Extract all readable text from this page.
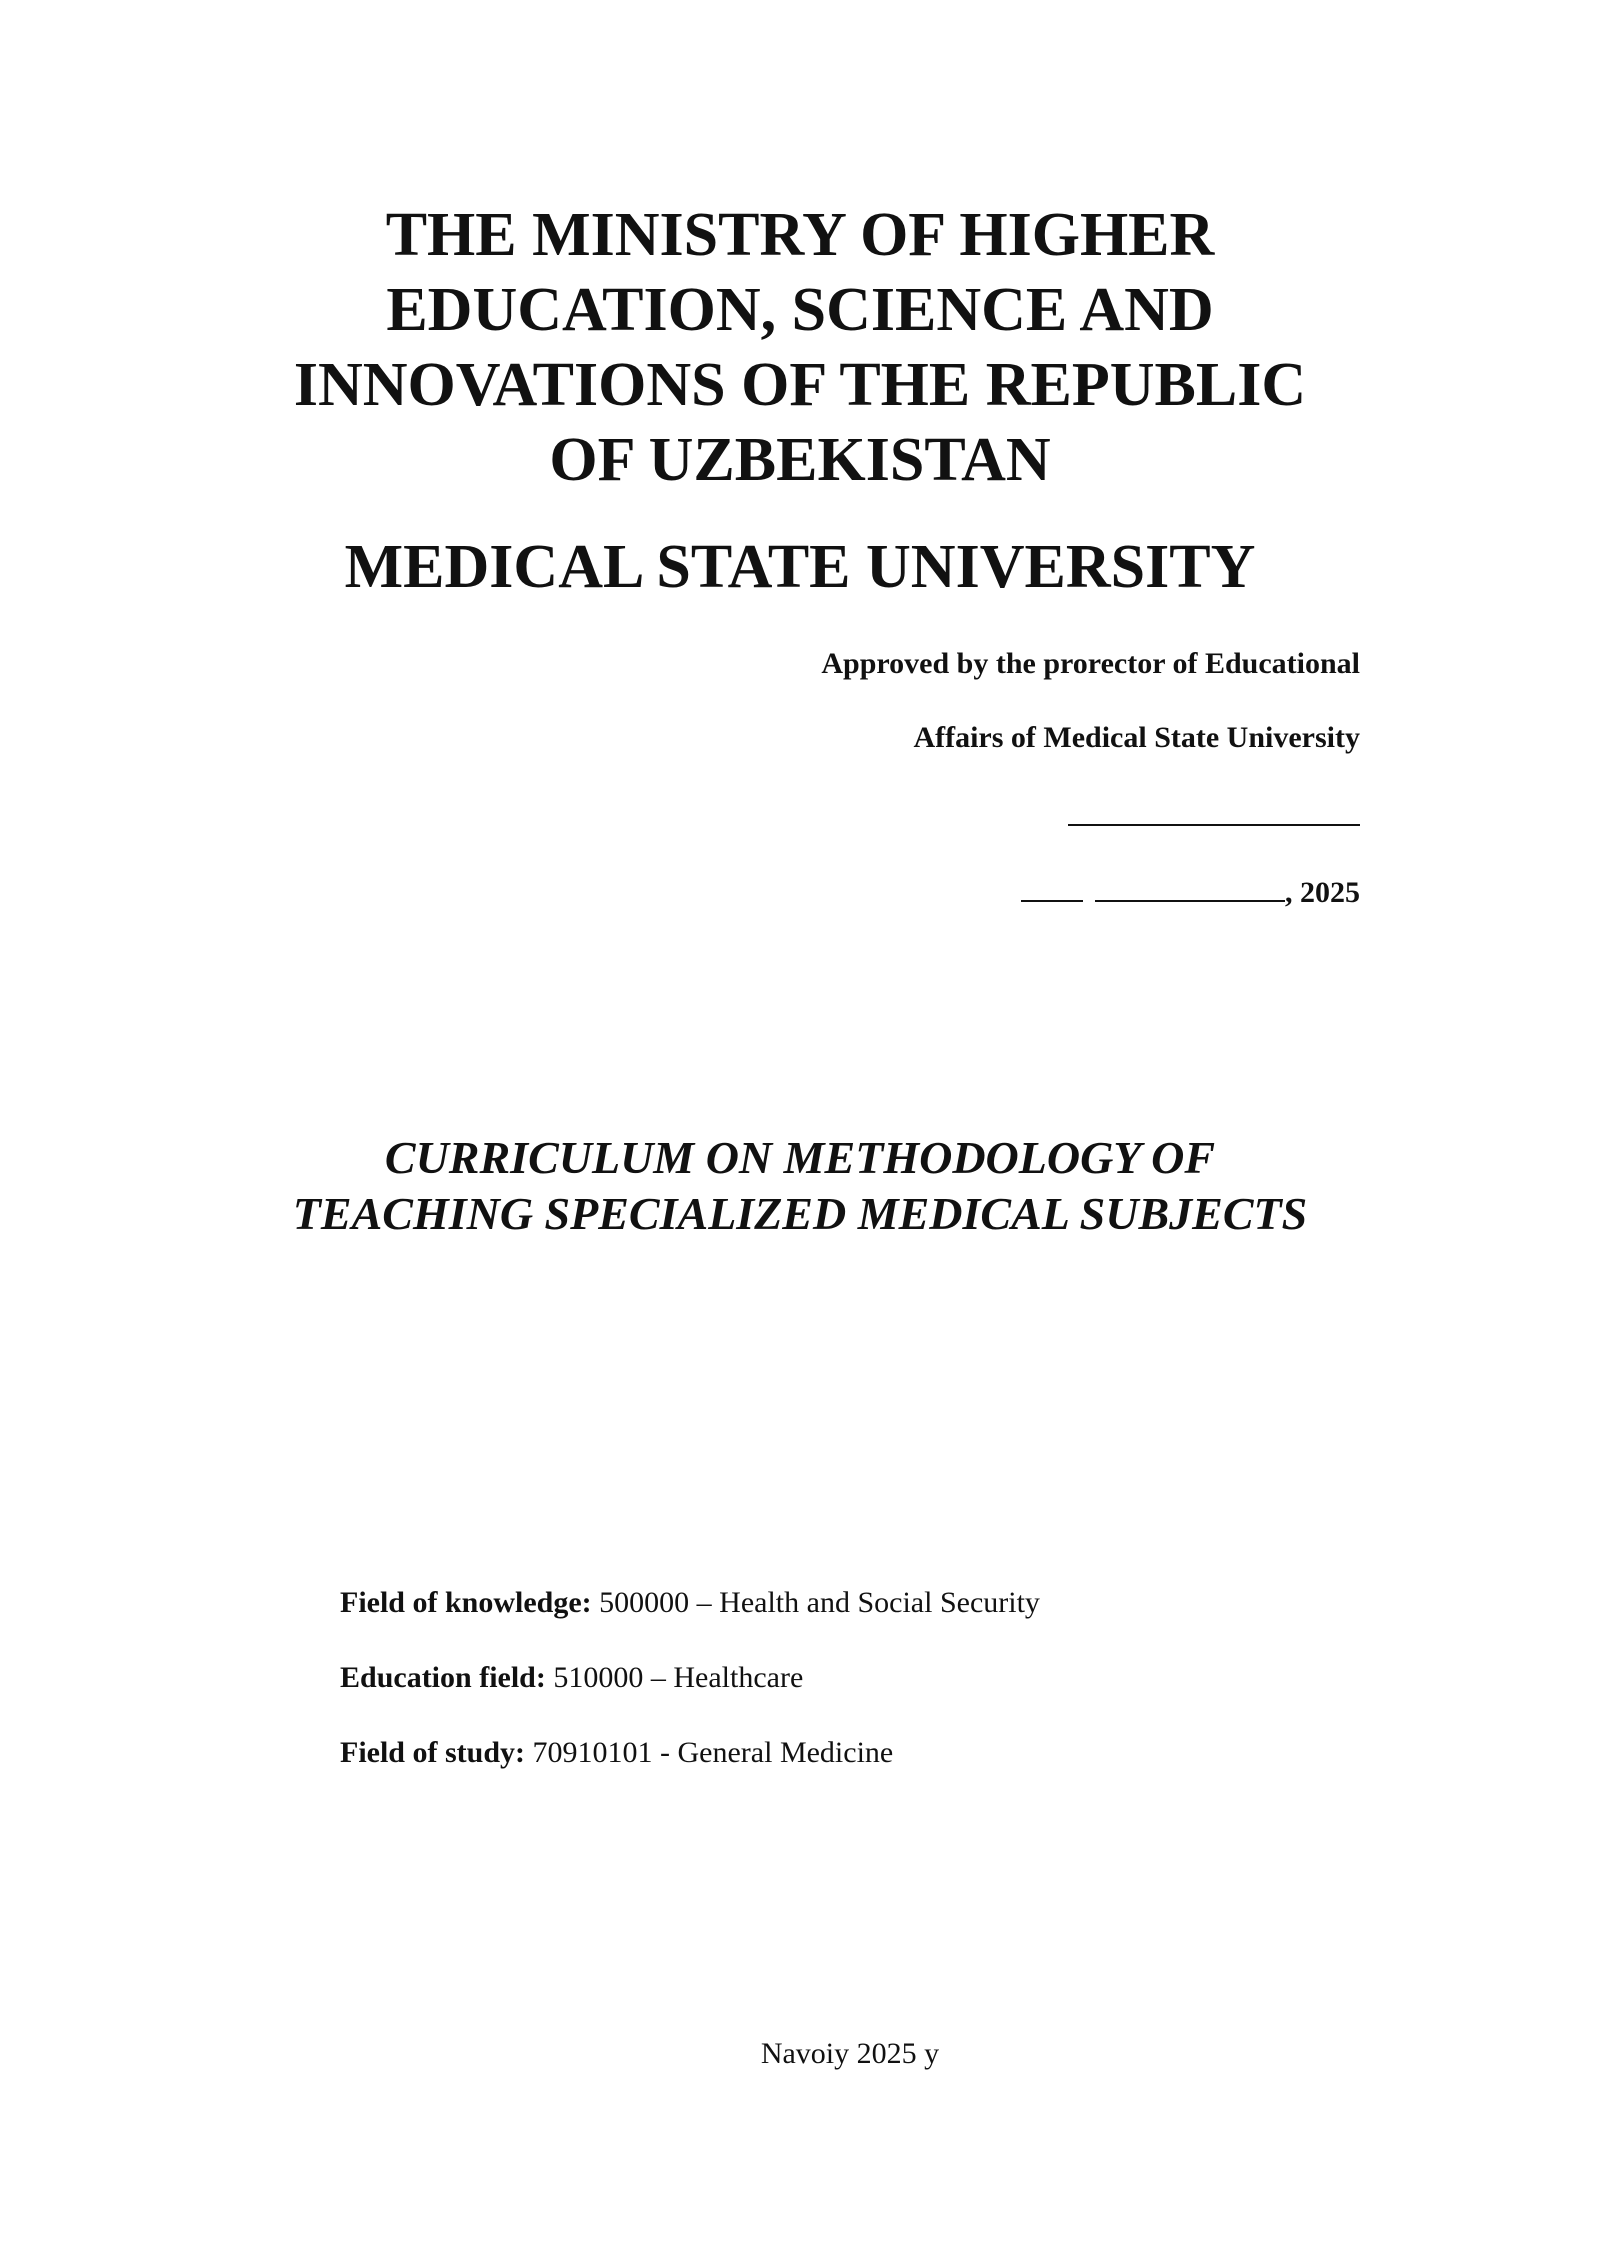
THE MINISTRY OF HIGHER
EDUCATION, SCIENCE AND
INNOVATIONS OF THE REPUBLIC
OF UZBEKISTAN
MEDICAL STATE UNIVERSITY
Approved by the prorector of Educational
Affairs of Medical State University
, 2025
CURRICULUM ON METHODOLOGY OF
TEACHING SPECIALIZED MEDICAL SUBJECTS
Field of knowledge: 500000 – Health and Social Security
Education field: 510000 – Healthcare
Field of study: 70910101 - General Medicine
Navoiy 2025 y
